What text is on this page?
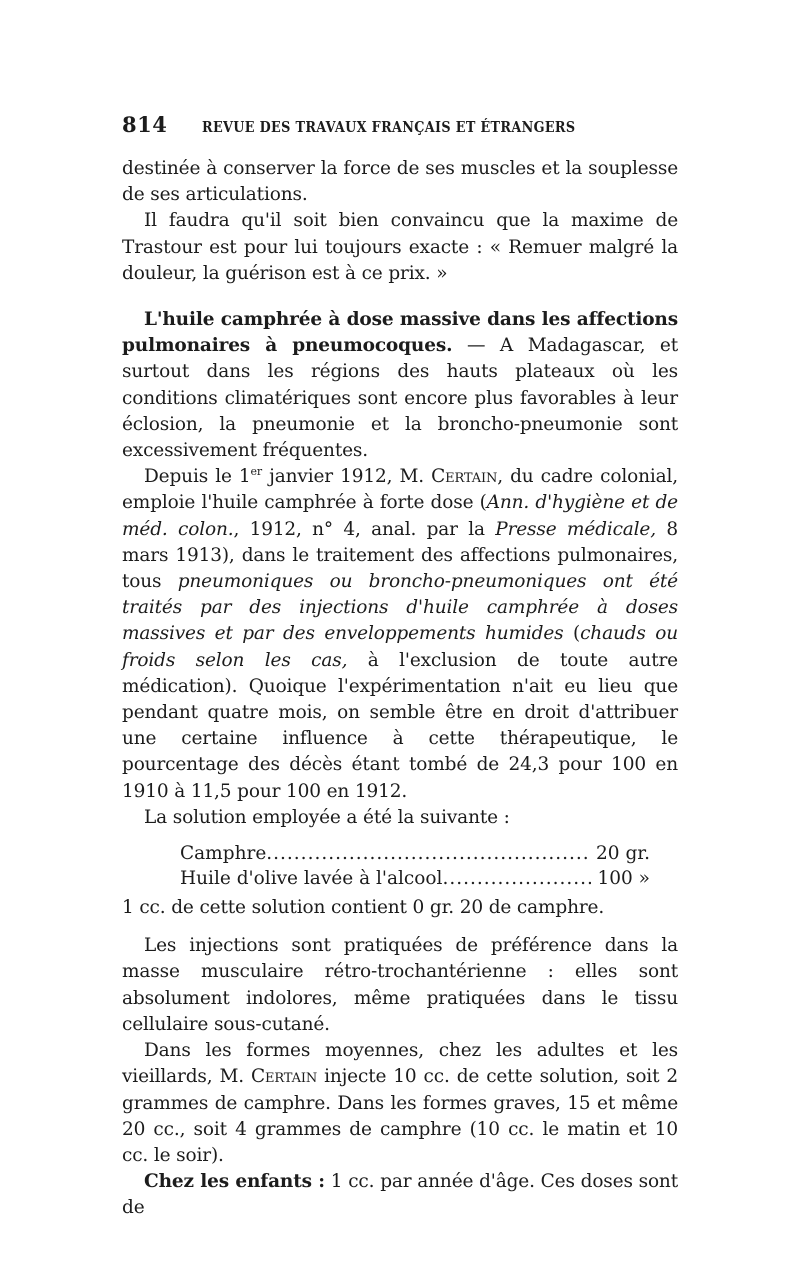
814	REVUE DES TRAVAUX FRANÇAIS ET ÉTRANGERS

destinée à conserver la force de ses muscles et la souplesse de ses articulations.

Il faudra qu'il soit bien convaincu que la maxime de Trastour est pour lui toujours exacte : « Remuer malgré la douleur, la guérison est à ce prix. »

L'huile camphrée à dose massive dans les affections pulmonaires à pneumocoques. — A Madagascar, et surtout dans les régions des hauts plateaux où les conditions climatériques sont encore plus favorables à leur éclosion, la pneumonie et la broncho-pneumonie sont excessivement fréquentes.

Depuis le 1er janvier 1912, M. Certain, du cadre colonial, emploie l'huile camphrée à forte dose (Ann. d'hygiène et de méd. colon., 1912, n° 4, anal. par la Presse médicale, 8 mars 1913), dans le traitement des affections pulmonaires, tous pneumoniques ou broncho-pneumoniques ont été traités par des injections d'huile camphrée à doses massives et par des enveloppements humides (chauds ou froids selon les cas, à l'exclusion de toute autre médication). Quoique l'expérimentation n'ait eu lieu que pendant quatre mois, on semble être en droit d'attribuer une certaine influence à cette thérapeutique, le pourcentage des décès étant tombé de 24,3 pour 100 en 1910 à 11,5 pour 100 en 1912.

La solution employée a été la suivante :

Camphre .....	20 gr.
Huile d'olive lavée à l'alcool .....	100 »

1 cc. de cette solution contient 0 gr. 20 de camphre.

Les injections sont pratiquées de préférence dans la masse musculaire rétro-trochantérienne : elles sont absolument indolores, même pratiquées dans le tissu cellulaire sous-cutané.

Dans les formes moyennes, chez les adultes et les vieillards, M. Certain injecte 10 cc. de cette solution, soit 2 grammes de camphre. Dans les formes graves, 15 et même 20 cc., soit 4 grammes de camphre (10 cc. le matin et 10 cc. le soir).

Chez les enfants : 1 cc. par année d'âge. Ces doses sont de
